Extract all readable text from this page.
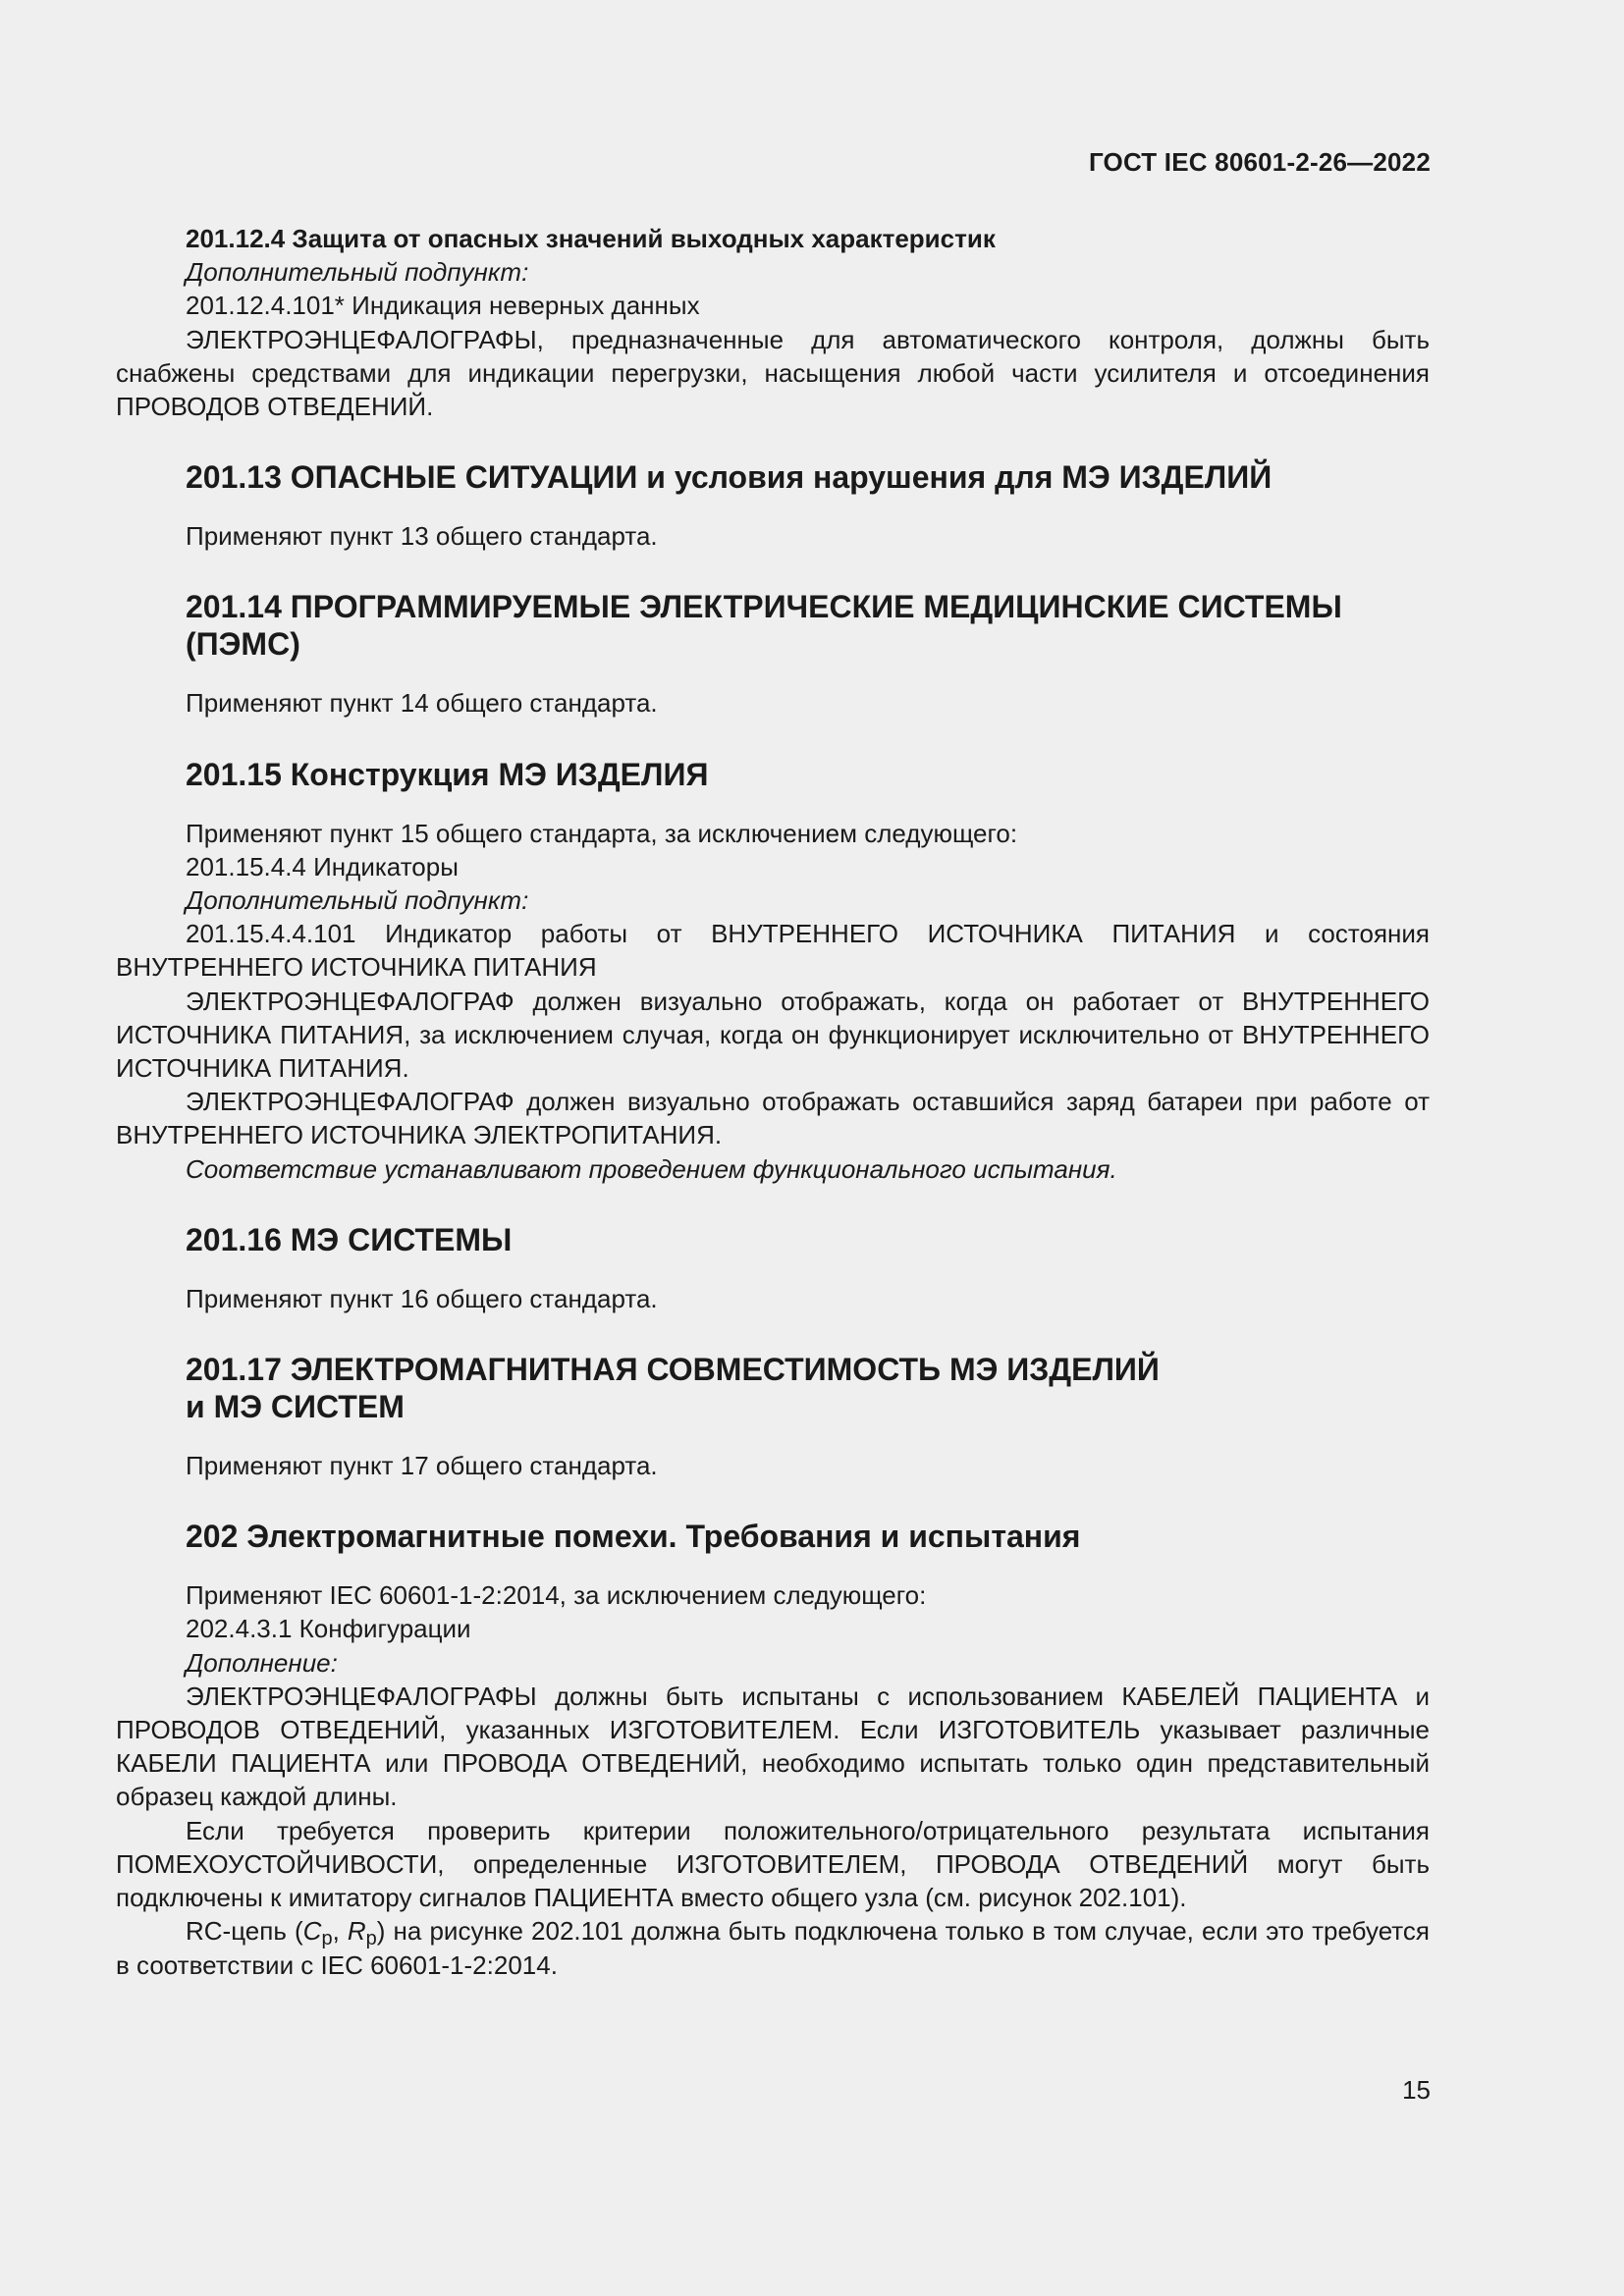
ГОСТ IEC 80601-2-26—2022

201.12.4 Защита от опасных значений выходных характеристик

Дополнительный подпункт:

201.12.4.101* Индикация неверных данных

ЭЛЕКТРОЭНЦЕФАЛОГРАФЫ, предназначенные для автоматического контроля, должны быть снабжены средствами для индикации перегрузки, насыщения любой части усилителя и отсоединения ПРОВОДОВ ОТВЕДЕНИЙ.

201.13 ОПАСНЫЕ СИТУАЦИИ и условия нарушения для МЭ ИЗДЕЛИЙ

Применяют пункт 13 общего стандарта.

201.14 ПРОГРАММИРУЕМЫЕ ЭЛЕКТРИЧЕСКИЕ МЕДИЦИНСКИЕ СИСТЕМЫ
(ПЭМС)

Применяют пункт 14 общего стандарта.

201.15 Конструкция МЭ ИЗДЕЛИЯ

Применяют пункт 15 общего стандарта, за исключением следующего:

201.15.4.4 Индикаторы

Дополнительный подпункт:

201.15.4.4.101 Индикатор работы от ВНУТРЕННЕГО ИСТОЧНИКА ПИТАНИЯ и состояния ВНУТРЕННЕГО ИСТОЧНИКА ПИТАНИЯ

ЭЛЕКТРОЭНЦЕФАЛОГРАФ должен визуально отображать, когда он работает от ВНУТРЕННЕГО ИСТОЧНИКА ПИТАНИЯ, за исключением случая, когда он функционирует исключительно от ВНУТРЕННЕГО ИСТОЧНИКА ПИТАНИЯ.

ЭЛЕКТРОЭНЦЕФАЛОГРАФ должен визуально отображать оставшийся заряд батареи при работе от ВНУТРЕННЕГО ИСТОЧНИКА ЭЛЕКТРОПИТАНИЯ.

Соответствие устанавливают проведением функционального испытания.

201.16 МЭ СИСТЕМЫ

Применяют пункт 16 общего стандарта.

201.17 ЭЛЕКТРОМАГНИТНАЯ СОВМЕСТИМОСТЬ МЭ ИЗДЕЛИЙ
и МЭ СИСТЕМ

Применяют пункт 17 общего стандарта.

202 Электромагнитные помехи. Требования и испытания

Применяют IEC 60601-1-2:2014, за исключением следующего:

202.4.3.1 Конфигурации

Дополнение:

ЭЛЕКТРОЭНЦЕФАЛОГРАФЫ должны быть испытаны с использованием КАБЕЛЕЙ ПАЦИЕНТА и ПРОВОДОВ ОТВЕДЕНИЙ, указанных ИЗГОТОВИТЕЛЕМ. Если ИЗГОТОВИТЕЛЬ указывает различные КАБЕЛИ ПАЦИЕНТА или ПРОВОДА ОТВЕДЕНИЙ, необходимо испытать только один представительный образец каждой длины.

Если требуется проверить критерии положительного/отрицательного результата испытания ПОМЕХОУСТОЙЧИВОСТИ, определенные ИЗГОТОВИТЕЛЕМ, ПРОВОДА ОТВЕДЕНИЙ могут быть подключены к имитатору сигналов ПАЦИЕНТА вместо общего узла (см. рисунок 202.101).

RC-цепь ($C_p$, $R_p$) на рисунке 202.101 должна быть подключена только в том случае, если это требуется в соответствии с IEC 60601-1-2:2014.

15
